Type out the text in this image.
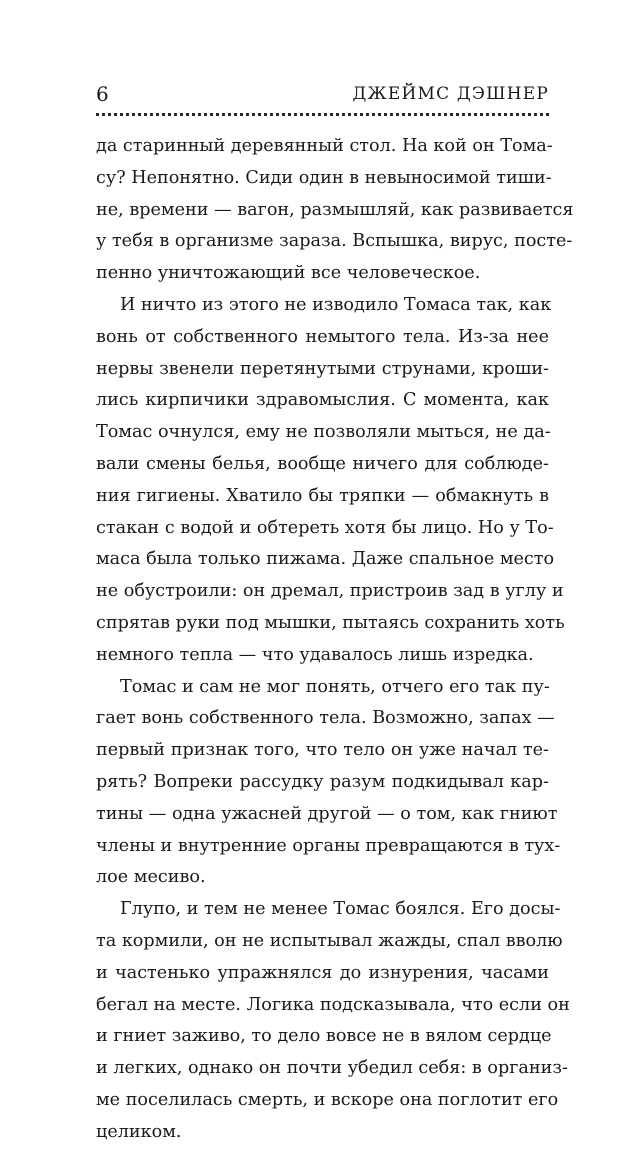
6	ДЖЕЙМС ДЭШНЕР
да старинный деревянный стол. На кой он Тома-
су? Непонятно. Сиди один в невыносимой тиши-
не, времени — вагон, размышляй, как развивается
у тебя в организме зараза. Вспышка, вирус, посте-
пенно уничтожающий все человеческое.
И ничто из этого не изводило Томаса так, как
вонь от собственного немытого тела. Из-за нее
нервы звенели перетянутыми струнами, кроши-
лись кирпичики здравомыслия. С момента, как
Томас очнулся, ему не позволяли мыться, не да-
вали смены белья, вообще ничего для соблюде-
ния гигиены. Хватило бы тряпки — обмакнуть в
стакан с водой и обтереть хотя бы лицо. Но у То-
маса была только пижама. Даже спальное место
не обустроили: он дремал, пристроив зад в углу и
спрятав руки под мышки, пытаясь сохранить хоть
немного тепла — что удавалось лишь изредка.
Томас и сам не мог понять, отчего его так пу-
гает вонь собственного тела. Возможно, запах —
первый признак того, что тело он уже начал те-
рять? Вопреки рассудку разум подкидывал кар-
тины — одна ужасней другой — о том, как гниют
члены и внутренние органы превращаются в тух-
лое месиво.
Глупо, и тем не менее Томас боялся. Его досы-
та кормили, он не испытывал жажды, спал вволю
и частенько упражнялся до изнурения, часами
бегал на месте. Логика подсказывала, что если он
и гниет заживо, то дело вовсе не в вялом сердце
и легких, однако он почти убедил себя: в организ-
ме поселилась смерть, и вскоре она поглотит его
целиком.
